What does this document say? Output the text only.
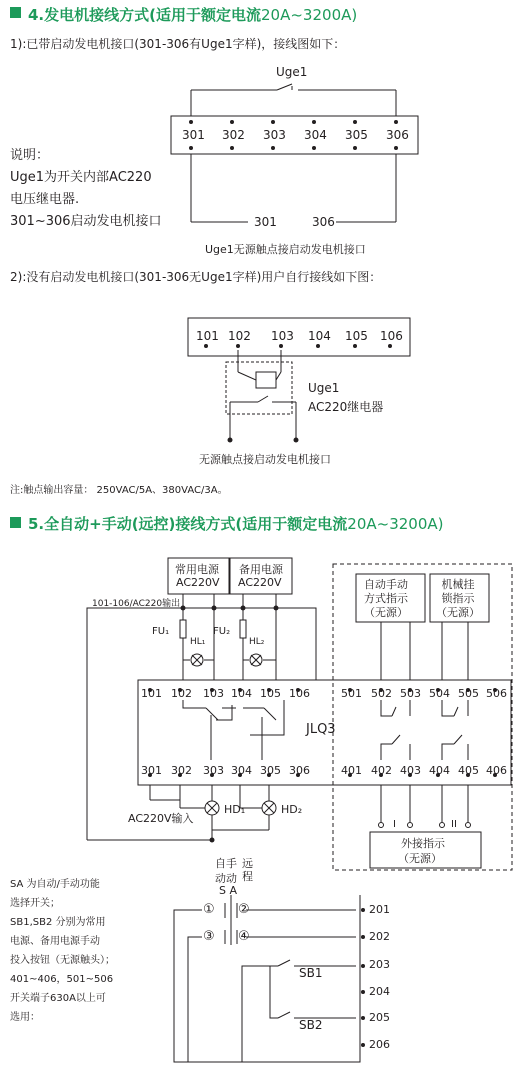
4.发电机接线方式(适用于额定电流20A~3200A)
1):已带启动发电机接口(301-306有Uge1字样)，接线图如下：
Uge1
301 302 303 304 305 306
301	306
Uge1无源触点接启动发电机接口
说明：
Uge1为开关内部AC220
电压继电器.
301~306启动发电机接口
2):没有启动发电机接口(301-306无Uge1字样)用户自行接线如下图：
101 102 103 104 105 106
Uge1
AC220继电器
无源触点接启动发电机接口
注:触点输出容量： 250VAC/5A、380VAC/3A。
5.全自动+手动(远控)接线方式(适用于额定电流20A~3200A)
常用电源
AC220V
备用电源
AC220V
101-106/AC220输出
FU₁	FU₂
HL₁	HL₂
自动手动
方式指示
（无源）
机械挂
锁指示
（无源）
101 102 103 104 105 106	501 502 503 504 505 506
JLQ3
301 302 303 304 305 306	401 402 403 404 405 406
AC220V输入
HD₁	HD₂
I	II
外接指示
（无源）
自手
动动
远
程
S A
① ②
③ ④
201
202
203
204
205
206
SB1
SB2
SA 为自动/手动功能
选择开关；
SB1,SB2 分别为常用
电源、备用电源手动
投入按钮（无源触头）；
401~406，501~506
开关端子630A以上可
选用：
